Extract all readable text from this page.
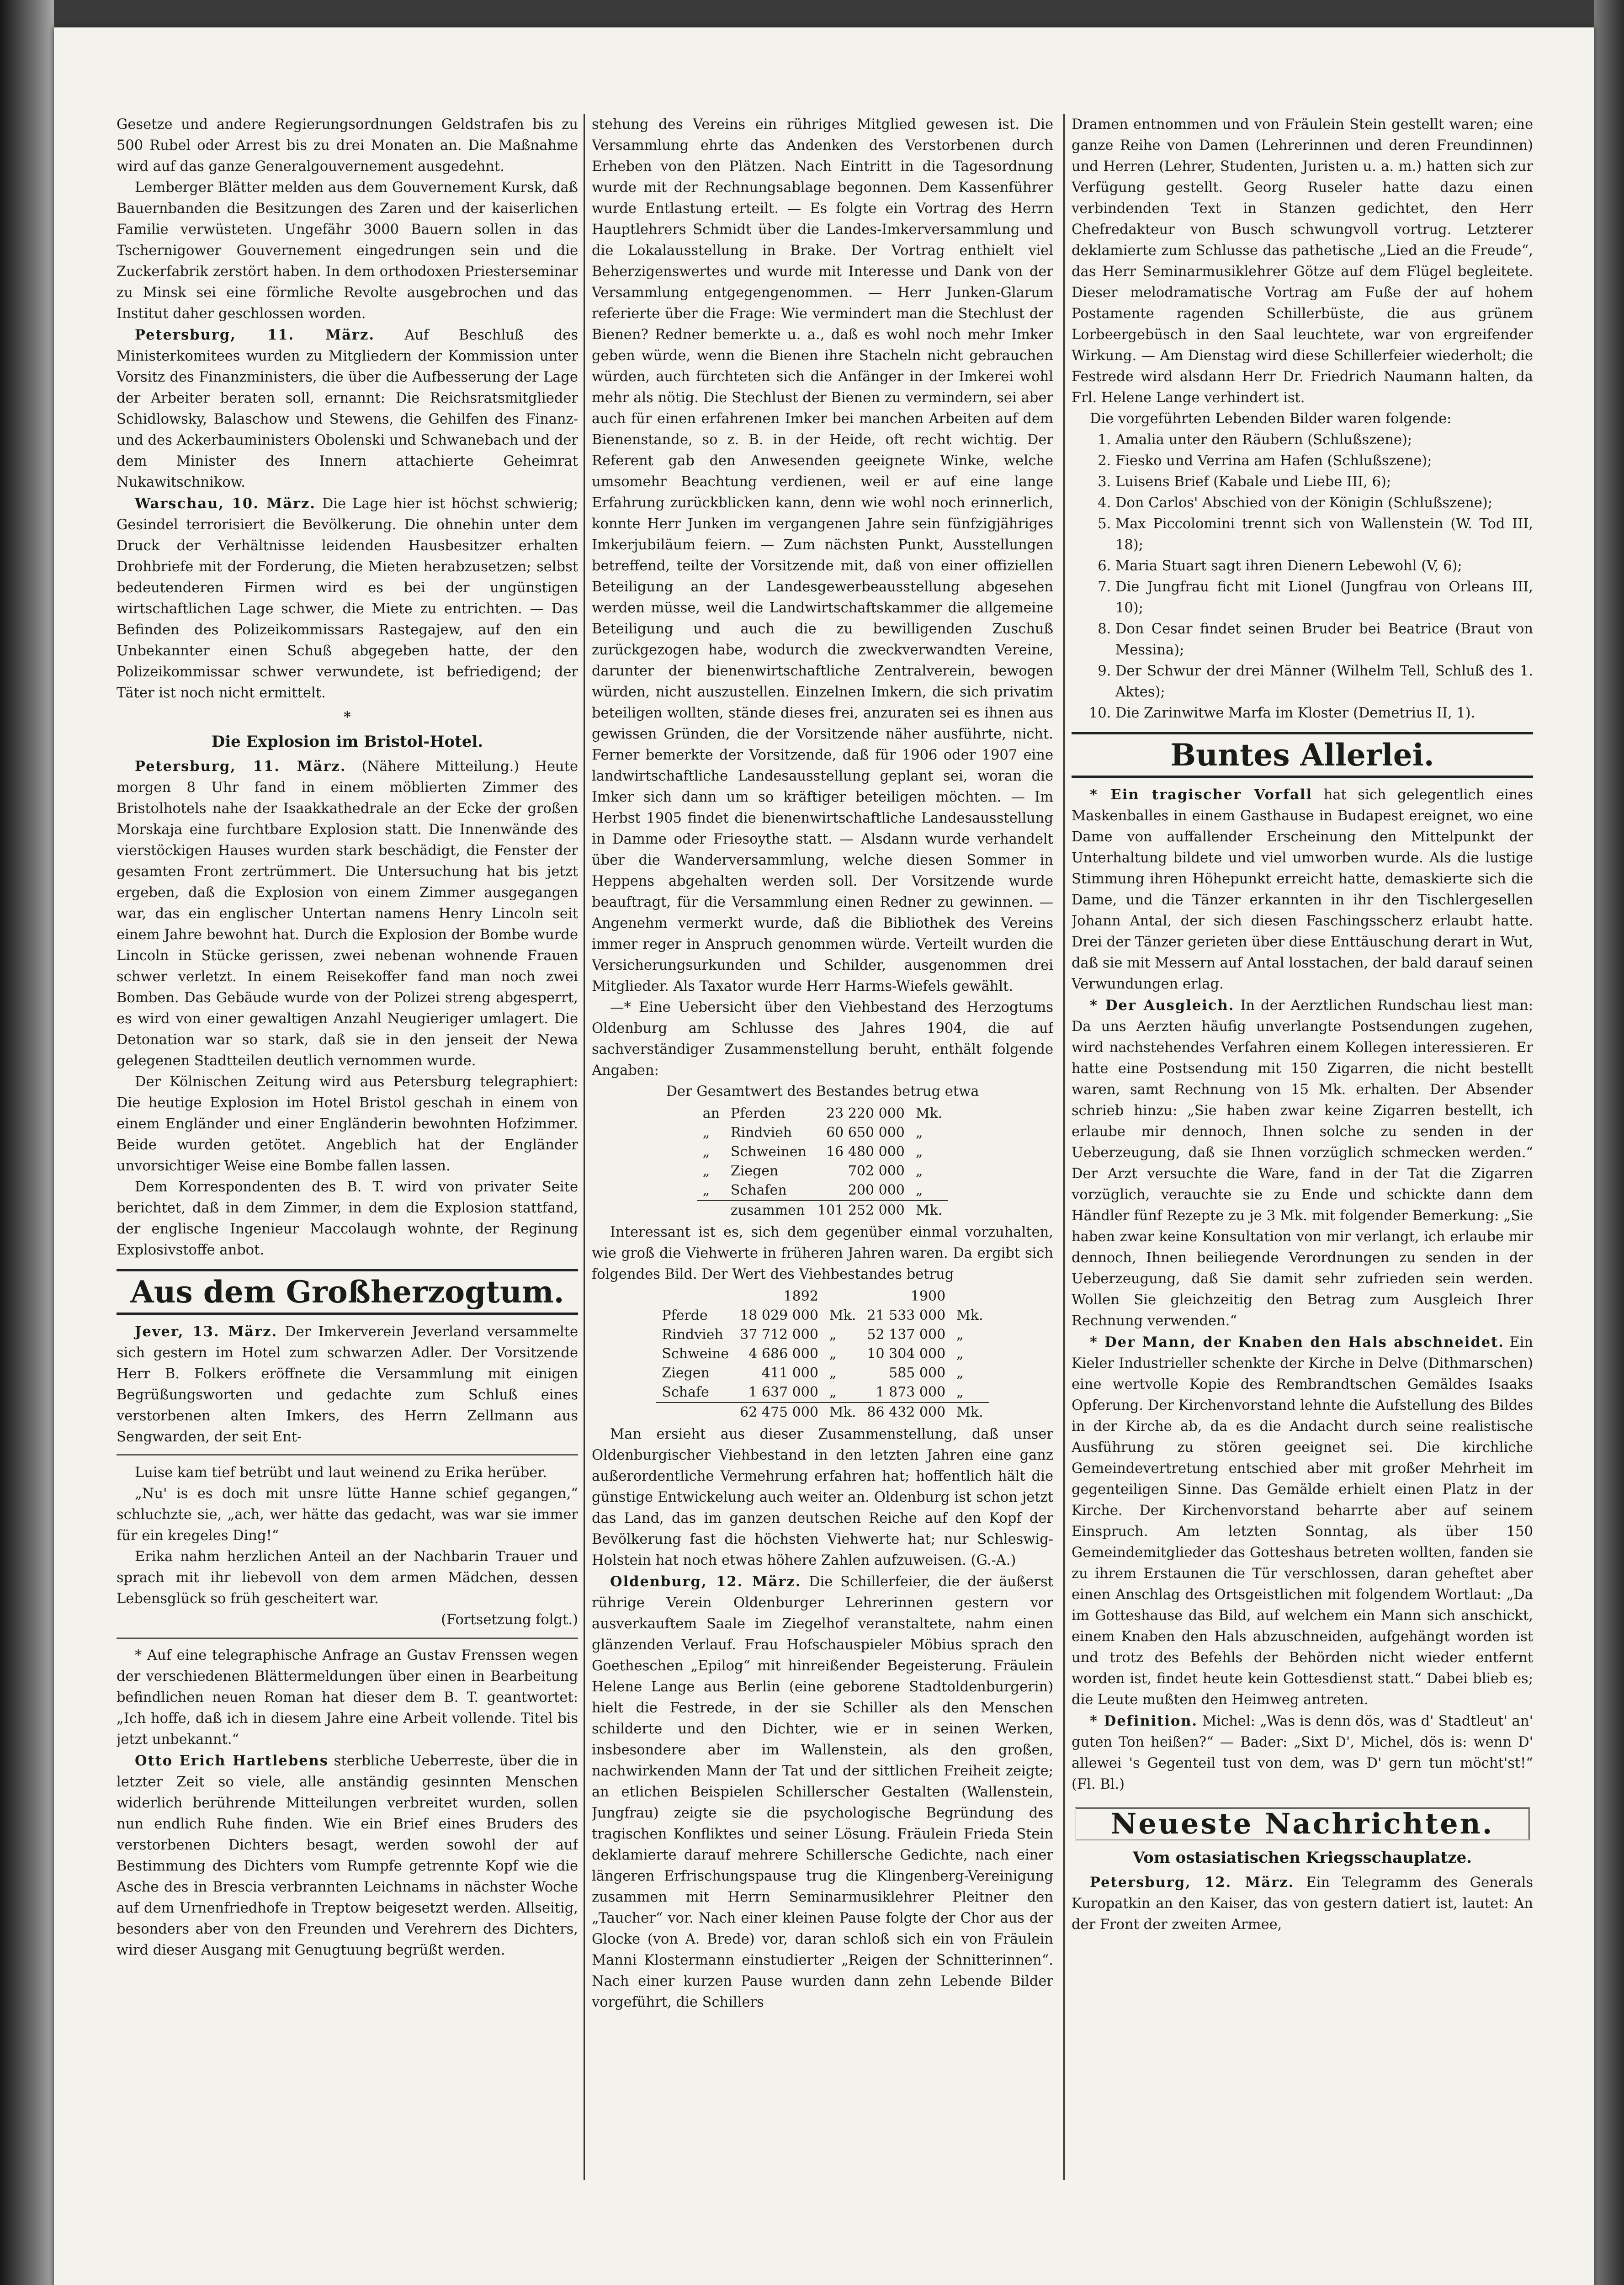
Gesetze und andere Regierungsordnungen Geldstrafen bis zu 500 Rubel oder Arrest bis zu drei Monaten an. Die Maßnahme wird auf das ganze Generalgouvernement ausgedehnt.

Lemberger Blätter melden aus dem Gouvernement Kursk, daß Bauernbanden die Besitzungen des Zaren und der kaiserlichen Familie verwüsteten. Ungefähr 3000 Bauern sollen in das Tschernigower Gouvernement eingedrungen sein und die Zuckerfabrik zerstört haben. In dem orthodoxen Priesterseminar zu Minsk sei eine förmliche Revolte ausgebrochen und das Institut daher geschlossen worden.

Petersburg, 11. März. Auf Beschluß des Ministerkomitees wurden zu Mitgliedern der Kommission unter Vorsitz des Finanzministers, die über die Aufbesserung der Lage der Arbeiter beraten soll, ernannt: Die Reichsratsmitglieder Schidlowsky, Balaschow und Stewens, die Gehilfen des Finanz- und des Ackerbauministers Obolenski und Schwanebach und der dem Minister des Innern attachierte Geheimrat Nukawitschnikow.

Warschau, 10. März. Die Lage hier ist höchst schwierig; Gesindel terrorisiert die Bevölkerung. Die ohnehin unter dem Druck der Verhältnisse leidenden Hausbesitzer erhalten Drohbriefe mit der Forderung, die Mieten herabzusetzen; selbst bedeutenderen Firmen wird es bei der ungünstigen wirtschaftlichen Lage schwer, die Miete zu entrichten. — Das Befinden des Polizeikommissars Rastegajew, auf den ein Unbekannter einen Schuß abgegeben hatte, der den Polizeikommissar schwer verwundete, ist befriedigend; der Täter ist noch nicht ermittelt.

*
Die Explosion im Bristol-Hotel.

Petersburg, 11. März. (Nähere Mitteilung.) Heute morgen 8 Uhr fand in einem möblierten Zimmer des Bristolhotels nahe der Isaakkathedrale an der Ecke der großen Morskaja eine furchtbare Explosion statt. Die Innenwände des vierstöckigen Hauses wurden stark beschädigt, die Fenster der gesamten Front zertrümmert. Die Untersuchung hat bis jetzt ergeben, daß die Explosion von einem Zimmer ausgegangen war, das ein englischer Untertan namens Henry Lincoln seit einem Jahre bewohnt hat. Durch die Explosion der Bombe wurde Lincoln in Stücke gerissen, zwei nebenan wohnende Frauen schwer verletzt. In einem Reisekoffer fand man noch zwei Bomben. Das Gebäude wurde von der Polizei streng abgesperrt, es wird von einer gewaltigen Anzahl Neugieriger umlagert. Die Detonation war so stark, daß sie in den jenseit der Newa gelegenen Stadtteilen deutlich vernommen wurde.

Der Kölnischen Zeitung wird aus Petersburg telegraphiert: Die heutige Explosion im Hotel Bristol geschah in einem von einem Engländer und einer Engländerin bewohnten Hofzimmer. Beide wurden getötet. Angeblich hat der Engländer unvorsichtiger Weise eine Bombe fallen lassen.

Dem Korrespondenten des B. T. wird von privater Seite berichtet, daß in dem Zimmer, in dem die Explosion stattfand, der englische Ingenieur Maccolaugh wohnte, der Reginung Explosivstoffe anbot.

Aus dem Großherzogtum.

Jever, 13. März. Der Imkerverein Jeverland versammelte sich gestern im Hotel zum schwarzen Adler. Der Vorsitzende Herr B. Folkers eröffnete die Versammlung mit einigen Begrüßungsworten und gedachte zum Schluß eines verstorbenen alten Imkers, des Herrn Zellmann aus Sengwarden, der seit Ent-

Luise kam tief betrübt und laut weinend zu Erika herüber.

„Nu' is es doch mit unsre lütte Hanne schief gegangen,“ schluchzte sie, „ach, wer hätte das gedacht, was war sie immer für ein kregeles Ding!“

Erika nahm herzlichen Anteil an der Nachbarin Trauer und sprach mit ihr liebevoll von dem armen Mädchen, dessen Lebensglück so früh gescheitert war.

(Fortsetzung folgt.)

* Auf eine telegraphische Anfrage an Gustav Frenssen wegen der verschiedenen Blättermeldungen über einen in Bearbeitung befindlichen neuen Roman hat dieser dem B. T. geantwortet: „Ich hoffe, daß ich in diesem Jahre eine Arbeit vollende. Titel bis jetzt unbekannt.“

Otto Erich Hartlebens sterbliche Ueberreste, über die in letzter Zeit so viele, alle anständig gesinnten Menschen widerlich berührende Mitteilungen verbreitet wurden, sollen nun endlich Ruhe finden. Wie ein Brief eines Bruders des verstorbenen Dichters besagt, werden sowohl der auf Bestimmung des Dichters vom Rumpfe getrennte Kopf wie die Asche des in Brescia verbrannten Leichnams in nächster Woche auf dem Urnenfriedhofe in Treptow beigesetzt werden. Allseitig, besonders aber von den Freunden und Verehrern des Dichters, wird dieser Ausgang mit Genugtuung begrüßt werden.

stehung des Vereins ein rühriges Mitglied gewesen ist. Die Versammlung ehrte das Andenken des Verstorbenen durch Erheben von den Plätzen. Nach Eintritt in die Tagesordnung wurde mit der Rechnungsablage begonnen. Dem Kassenführer wurde Entlastung erteilt. — Es folgte ein Vortrag des Herrn Hauptlehrers Schmidt über die Landes-Imkerversammlung und die Lokalausstellung in Brake. Der Vortrag enthielt viel Beherzigenswertes und wurde mit Interesse und Dank von der Versammlung entgegengenommen. — Herr Junken-Glarum referierte über die Frage: Wie vermindert man die Stechlust der Bienen? Redner bemerkte u. a., daß es wohl noch mehr Imker geben würde, wenn die Bienen ihre Stacheln nicht gebrauchen würden, auch fürchteten sich die Anfänger in der Imkerei wohl mehr als nötig. Die Stechlust der Bienen zu vermindern, sei aber auch für einen erfahrenen Imker bei manchen Arbeiten auf dem Bienenstande, so z. B. in der Heide, oft recht wichtig. Der Referent gab den Anwesenden geeignete Winke, welche umsomehr Beachtung verdienen, weil er auf eine lange Erfahrung zurückblicken kann, denn wie wohl noch erinnerlich, konnte Herr Junken im vergangenen Jahre sein fünfzigjähriges Imkerjubiläum feiern. — Zum nächsten Punkt, Ausstellungen betreffend, teilte der Vorsitzende mit, daß von einer offiziellen Beteiligung an der Landesgewerbeausstellung abgesehen werden müsse, weil die Landwirtschaftskammer die allgemeine Beteiligung und auch die zu bewilligenden Zuschuß zurückgezogen habe, wodurch die zweckverwandten Vereine, darunter der bienenwirtschaftliche Zentralverein, bewogen würden, nicht auszustellen. Einzelnen Imkern, die sich privatim beteiligen wollten, stände dieses frei, anzuraten sei es ihnen aus gewissen Gründen, die der Vorsitzende näher ausführte, nicht. Ferner bemerkte der Vorsitzende, daß für 1906 oder 1907 eine landwirtschaftliche Landesausstellung geplant sei, woran die Imker sich dann um so kräftiger beteiligen möchten. — Im Herbst 1905 findet die bienenwirtschaftliche Landesausstellung in Damme oder Friesoythe statt. — Alsdann wurde verhandelt über die Wanderversammlung, welche diesen Sommer in Heppens abgehalten werden soll. Der Vorsitzende wurde beauftragt, für die Versammlung einen Redner zu gewinnen. — Angenehm vermerkt wurde, daß die Bibliothek des Vereins immer reger in Anspruch genommen würde. Verteilt wurden die Versicherungsurkunden und Schilder, ausgenommen drei Mitglieder. Als Taxator wurde Herr Harms-Wiefels gewählt.

—* Eine Uebersicht über den Viehbestand des Herzogtums Oldenburg am Schlusse des Jahres 1904, die auf sachverständiger Zusammenstellung beruht, enthält folgende Angaben:

Der Gesamtwert des Bestandes betrug etwa

an	Pferden	23 220 000	Mk.
„	Rindvieh	60 650 000	„
„	Schweinen	16 480 000	„
„	Ziegen	702 000	„
„	Schafen	200 000	„
	zusammen	101 252 000	Mk.

Interessant ist es, sich dem gegenüber einmal vorzuhalten, wie groß die Viehwerte in früheren Jahren waren. Da ergibt sich folgendes Bild. Der Wert des Viehbestandes betrug

	1892		1900	
Pferde	18 029 000	Mk.	21 533 000	Mk.
Rindvieh	37 712 000	„	52 137 000	„
Schweine	4 686 000	„	10 304 000	„
Ziegen	411 000	„	585 000	„
Schafe	1 637 000	„	1 873 000	„
	62 475 000	Mk.	86 432 000	Mk.

Man ersieht aus dieser Zusammenstellung, daß unser Oldenburgischer Viehbestand in den letzten Jahren eine ganz außerordentliche Vermehrung erfahren hat; hoffentlich hält die günstige Entwickelung auch weiter an. Oldenburg ist schon jetzt das Land, das im ganzen deutschen Reiche auf den Kopf der Bevölkerung fast die höchsten Viehwerte hat; nur Schleswig-Holstein hat noch etwas höhere Zahlen aufzuweisen. (G.-A.)

Oldenburg, 12. März. Die Schillerfeier, die der äußerst rührige Verein Oldenburger Lehrerinnen gestern vor ausverkauftem Saale im Ziegelhof veranstaltete, nahm einen glänzenden Verlauf. Frau Hofschauspieler Möbius sprach den Goetheschen „Epilog“ mit hinreißender Begeisterung. Fräulein Helene Lange aus Berlin (eine geborene Stadtoldenburgerin) hielt die Festrede, in der sie Schiller als den Menschen schilderte und den Dichter, wie er in seinen Werken, insbesondere aber im Wallenstein, als den großen, nachwirkenden Mann der Tat und der sittlichen Freiheit zeigte; an etlichen Beispielen Schillerscher Gestalten (Wallenstein, Jungfrau) zeigte sie die psychologische Begründung des tragischen Konfliktes und seiner Lösung. Fräulein Frieda Stein deklamierte darauf mehrere Schillersche Gedichte, nach einer längeren Erfrischungspause trug die Klingenberg-Vereinigung zusammen mit Herrn Seminarmusiklehrer Pleitner den „Taucher“ vor. Nach einer kleinen Pause folgte der Chor aus der Glocke (von A. Brede) vor, daran schloß sich ein von Fräulein Manni Klostermann einstudierter „Reigen der Schnitterinnen“. Nach einer kurzen Pause wurden dann zehn Lebende Bilder vorgeführt, die Schillers

Dramen entnommen und von Fräulein Stein gestellt waren; eine ganze Reihe von Damen (Lehrerinnen und deren Freundinnen) und Herren (Lehrer, Studenten, Juristen u. a. m.) hatten sich zur Verfügung gestellt. Georg Ruseler hatte dazu einen verbindenden Text in Stanzen gedichtet, den Herr Chefredakteur von Busch schwungvoll vortrug. Letzterer deklamierte zum Schlusse das pathetische „Lied an die Freude“, das Herr Seminarmusiklehrer Götze auf dem Flügel begleitete. Dieser melodramatische Vortrag am Fuße der auf hohem Postamente ragenden Schillerbüste, die aus grünem Lorbeergebüsch in den Saal leuchtete, war von ergreifender Wirkung. — Am Dienstag wird diese Schillerfeier wiederholt; die Festrede wird alsdann Herr Dr. Friedrich Naumann halten, da Frl. Helene Lange verhindert ist.

Die vorgeführten Lebenden Bilder waren folgende:

1. Amalia unter den Räubern (Schlußszene);
2. Fiesko und Verrina am Hafen (Schlußszene);
3. Luisens Brief (Kabale und Liebe III, 6);
4. Don Carlos' Abschied von der Königin (Schlußszene);
5. Max Piccolomini trennt sich von Wallenstein (W. Tod III, 18);
6. Maria Stuart sagt ihren Dienern Lebewohl (V, 6);
7. Die Jungfrau ficht mit Lionel (Jungfrau von Orleans III, 10);
8. Don Cesar findet seinen Bruder bei Beatrice (Braut von Messina);
9. Der Schwur der drei Männer (Wilhelm Tell, Schluß des 1. Aktes);
10. Die Zarinwitwe Marfa im Kloster (Demetrius II, 1).
Buntes Allerlei.

* Ein tragischer Vorfall hat sich gelegentlich eines Maskenballes in einem Gasthause in Budapest ereignet, wo eine Dame von auffallender Erscheinung den Mittelpunkt der Unterhaltung bildete und viel umworben wurde. Als die lustige Stimmung ihren Höhepunkt erreicht hatte, demaskierte sich die Dame, und die Tänzer erkannten in ihr den Tischlergesellen Johann Antal, der sich diesen Faschingsscherz erlaubt hatte. Drei der Tänzer gerieten über diese Enttäuschung derart in Wut, daß sie mit Messern auf Antal losstachen, der bald darauf seinen Verwundungen erlag.

* Der Ausgleich. In der Aerztlichen Rundschau liest man: Da uns Aerzten häufig unverlangte Postsendungen zugehen, wird nachstehendes Verfahren einem Kollegen interessieren. Er hatte eine Postsendung mit 150 Zigarren, die nicht bestellt waren, samt Rechnung von 15 Mk. erhalten. Der Absender schrieb hinzu: „Sie haben zwar keine Zigarren bestellt, ich erlaube mir dennoch, Ihnen solche zu senden in der Ueberzeugung, daß sie Ihnen vorzüglich schmecken werden.“ Der Arzt versuchte die Ware, fand in der Tat die Zigarren vorzüglich, verauchte sie zu Ende und schickte dann dem Händler fünf Rezepte zu je 3 Mk. mit folgender Bemerkung: „Sie haben zwar keine Konsultation von mir verlangt, ich erlaube mir dennoch, Ihnen beiliegende Verordnungen zu senden in der Ueberzeugung, daß Sie damit sehr zufrieden sein werden. Wollen Sie gleichzeitig den Betrag zum Ausgleich Ihrer Rechnung verwenden.“

* Der Mann, der Knaben den Hals abschneidet. Ein Kieler Industrieller schenkte der Kirche in Delve (Dithmarschen) eine wertvolle Kopie des Rembrandtschen Gemäldes Isaaks Opferung. Der Kirchenvorstand lehnte die Aufstellung des Bildes in der Kirche ab, da es die Andacht durch seine realistische Ausführung zu stören geeignet sei. Die kirchliche Gemeindevertretung entschied aber mit großer Mehrheit im gegenteiligen Sinne. Das Gemälde erhielt einen Platz in der Kirche. Der Kirchenvorstand beharrte aber auf seinem Einspruch. Am letzten Sonntag, als über 150 Gemeindemitglieder das Gotteshaus betreten wollten, fanden sie zu ihrem Erstaunen die Tür verschlossen, daran geheftet aber einen Anschlag des Ortsgeistlichen mit folgendem Wortlaut: „Da im Gotteshause das Bild, auf welchem ein Mann sich anschickt, einem Knaben den Hals abzuschneiden, aufgehängt worden ist und trotz des Befehls der Behörden nicht wieder entfernt worden ist, findet heute kein Gottesdienst statt.“ Dabei blieb es; die Leute mußten den Heimweg antreten.

* Definition. Michel: „Was is denn dös, was d' Stadtleut' an' guten Ton heißen?“ — Bader: „Sixt D', Michel, dös is: wenn D' allewei 's Gegenteil tust von dem, was D' gern tun möcht'st!“ (Fl. Bl.)

Neueste Nachrichten.
Vom ostasiatischen Kriegsschauplatze.

Petersburg, 12. März. Ein Telegramm des Generals Kuropatkin an den Kaiser, das von gestern datiert ist, lautet: An der Front der zweiten Armee,
